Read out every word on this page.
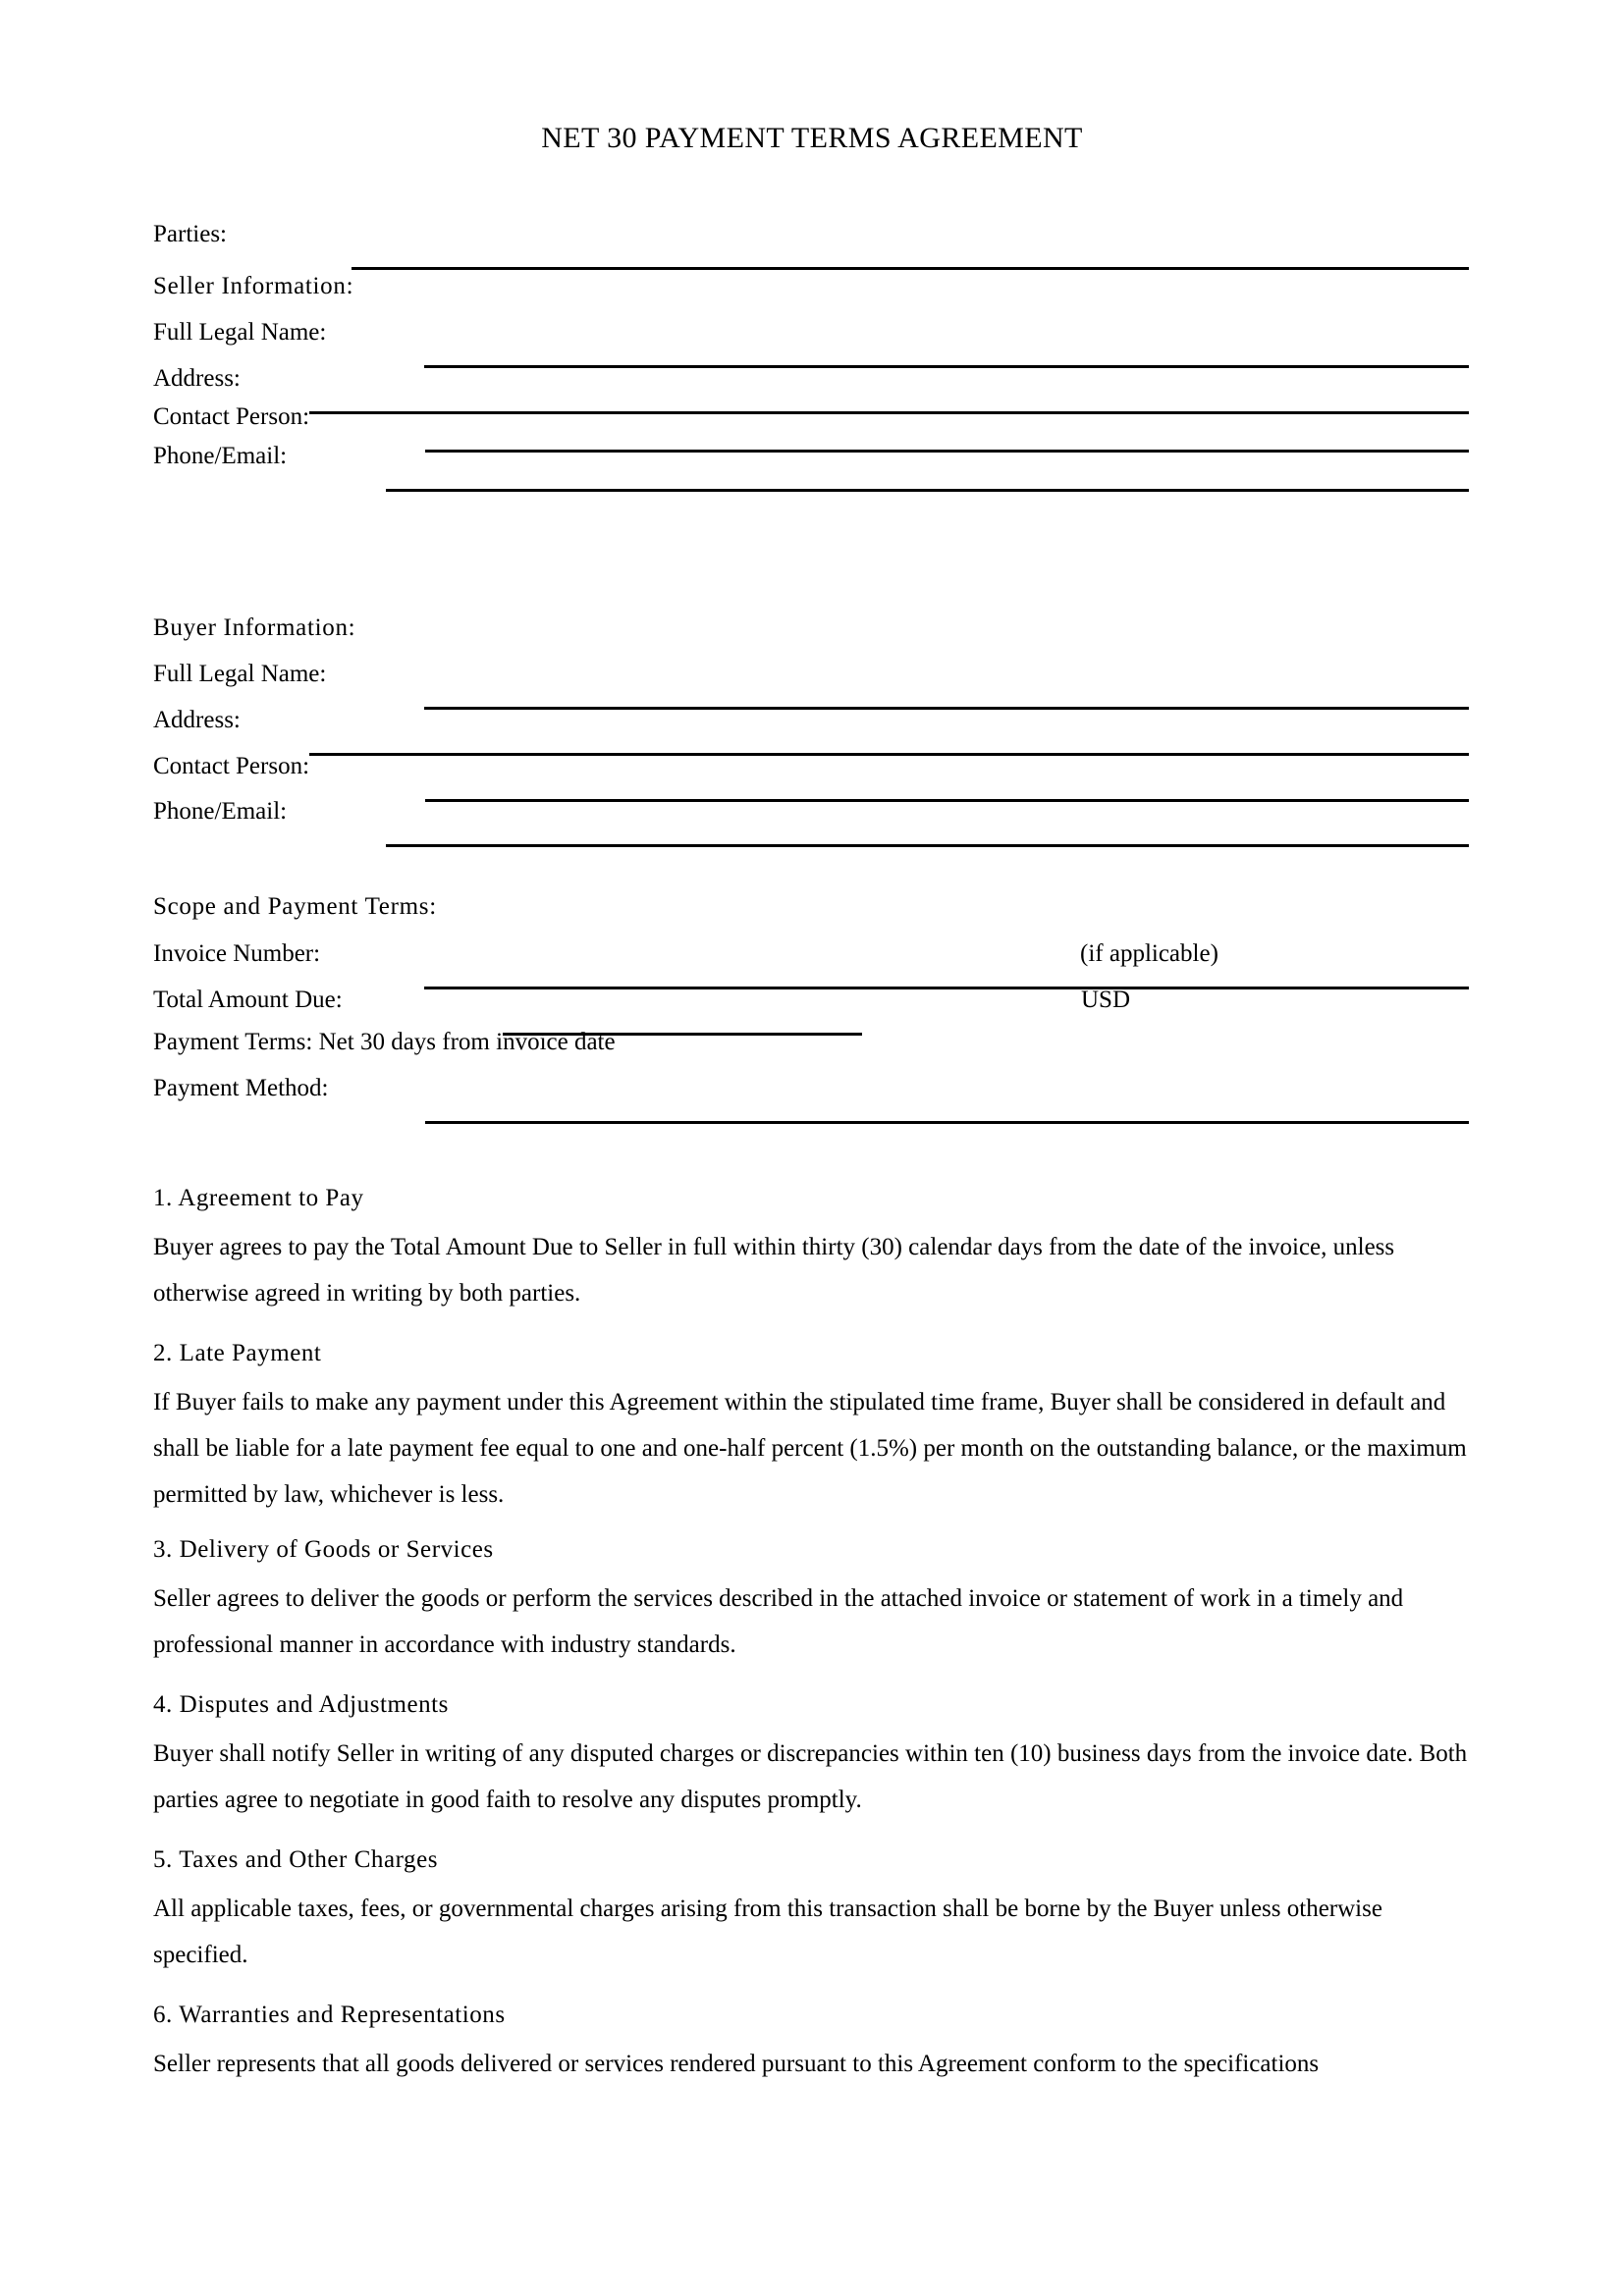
NET 30 PAYMENT TERMS AGREEMENT
Parties:
Seller Information:
Full Legal Name:
Address:
Contact Person:
Phone/Email:
Buyer Information:
Full Legal Name:
Address:
Contact Person:
Phone/Email:
Scope and Payment Terms:
Invoice Number:	(if applicable)
Total Amount Due:	USD
Payment Terms: Net 30 days from invoice date
Payment Method:
1. Agreement to Pay
Buyer agrees to pay the Total Amount Due to Seller in full within thirty (30) calendar days from the date of the invoice, unless otherwise agreed in writing by both parties.
2. Late Payment
If Buyer fails to make any payment under this Agreement within the stipulated time frame, Buyer shall be considered in default and shall be liable for a late payment fee equal to one and one-half percent (1.5%) per month on the outstanding balance, or the maximum permitted by law, whichever is less.
3. Delivery of Goods or Services
Seller agrees to deliver the goods or perform the services described in the attached invoice or statement of work in a timely and professional manner in accordance with industry standards.
4. Disputes and Adjustments
Buyer shall notify Seller in writing of any disputed charges or discrepancies within ten (10) business days from the invoice date. Both parties agree to negotiate in good faith to resolve any disputes promptly.
5. Taxes and Other Charges
All applicable taxes, fees, or governmental charges arising from this transaction shall be borne by the Buyer unless otherwise specified.
6. Warranties and Representations
Seller represents that all goods delivered or services rendered pursuant to this Agreement conform to the specifications
